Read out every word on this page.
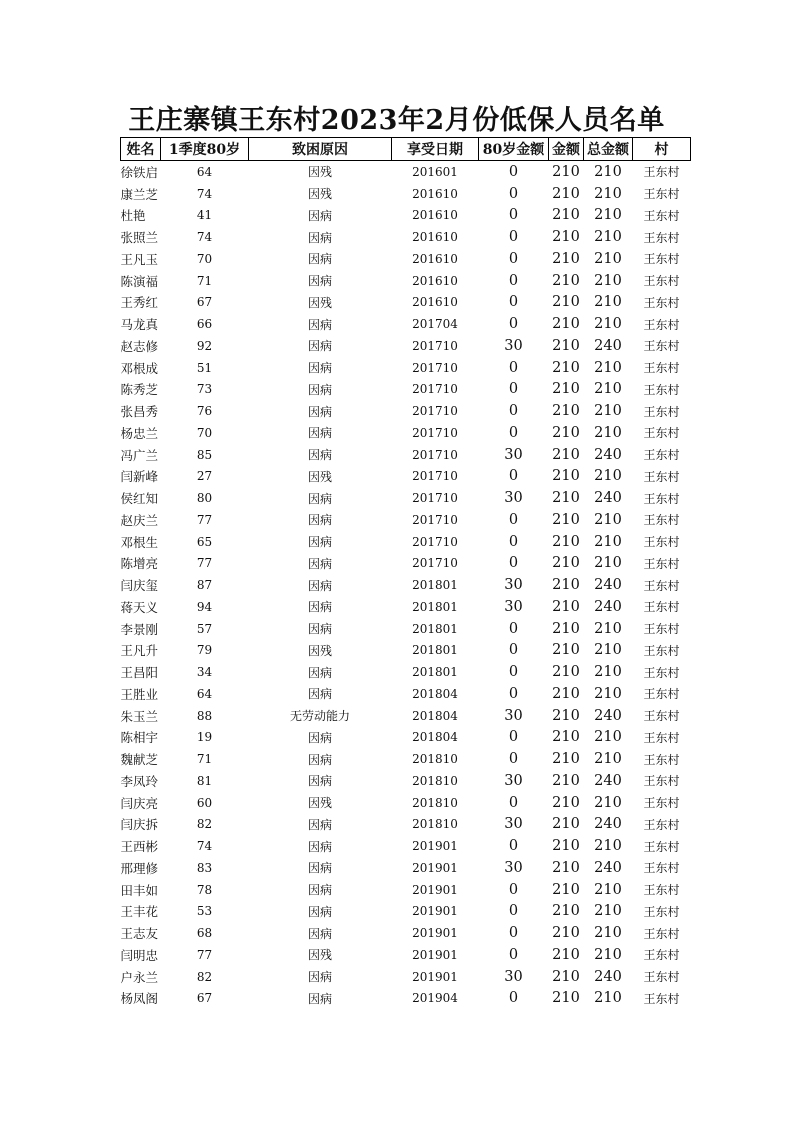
王庄寨镇王东村2023年2月份低保人员名单
姓名	1季度80岁	致困原因	享受日期	80岁金额	金额	总金额	村
徐铁启	64	因残	201601	0	210	210	王东村
康兰芝	74	因残	201610	0	210	210	王东村
杜艳	41	因病	201610	0	210	210	王东村
张照兰	74	因病	201610	0	210	210	王东村
王凡玉	70	因病	201610	0	210	210	王东村
陈演福	71	因病	201610	0	210	210	王东村
王秀红	67	因残	201610	0	210	210	王东村
马龙真	66	因病	201704	0	210	210	王东村
赵志修	92	因病	201710	30	210	240	王东村
邓根成	51	因病	201710	0	210	210	王东村
陈秀芝	73	因病	201710	0	210	210	王东村
张昌秀	76	因病	201710	0	210	210	王东村
杨忠兰	70	因病	201710	0	210	210	王东村
冯广兰	85	因病	201710	30	210	240	王东村
闫新峰	27	因残	201710	0	210	210	王东村
侯红知	80	因病	201710	30	210	240	王东村
赵庆兰	77	因病	201710	0	210	210	王东村
邓根生	65	因病	201710	0	210	210	王东村
陈增亮	77	因病	201710	0	210	210	王东村
闫庆玺	87	因病	201801	30	210	240	王东村
蒋天义	94	因病	201801	30	210	240	王东村
李景刚	57	因病	201801	0	210	210	王东村
王凡升	79	因残	201801	0	210	210	王东村
王昌阳	34	因病	201801	0	210	210	王东村
王胜业	64	因病	201804	0	210	210	王东村
朱玉兰	88	无劳动能力	201804	30	210	240	王东村
陈相宇	19	因病	201804	0	210	210	王东村
魏献芝	71	因病	201810	0	210	210	王东村
李凤玲	81	因病	201810	30	210	240	王东村
闫庆亮	60	因残	201810	0	210	210	王东村
闫庆拆	82	因病	201810	30	210	240	王东村
王西彬	74	因病	201901	0	210	210	王东村
邢理修	83	因病	201901	30	210	240	王东村
田丰如	78	因病	201901	0	210	210	王东村
王丰花	53	因病	201901	0	210	210	王东村
王志友	68	因病	201901	0	210	210	王东村
闫明忠	77	因残	201901	0	210	210	王东村
户永兰	82	因病	201901	30	210	240	王东村
杨凤阁	67	因病	201904	0	210	210	王东村
